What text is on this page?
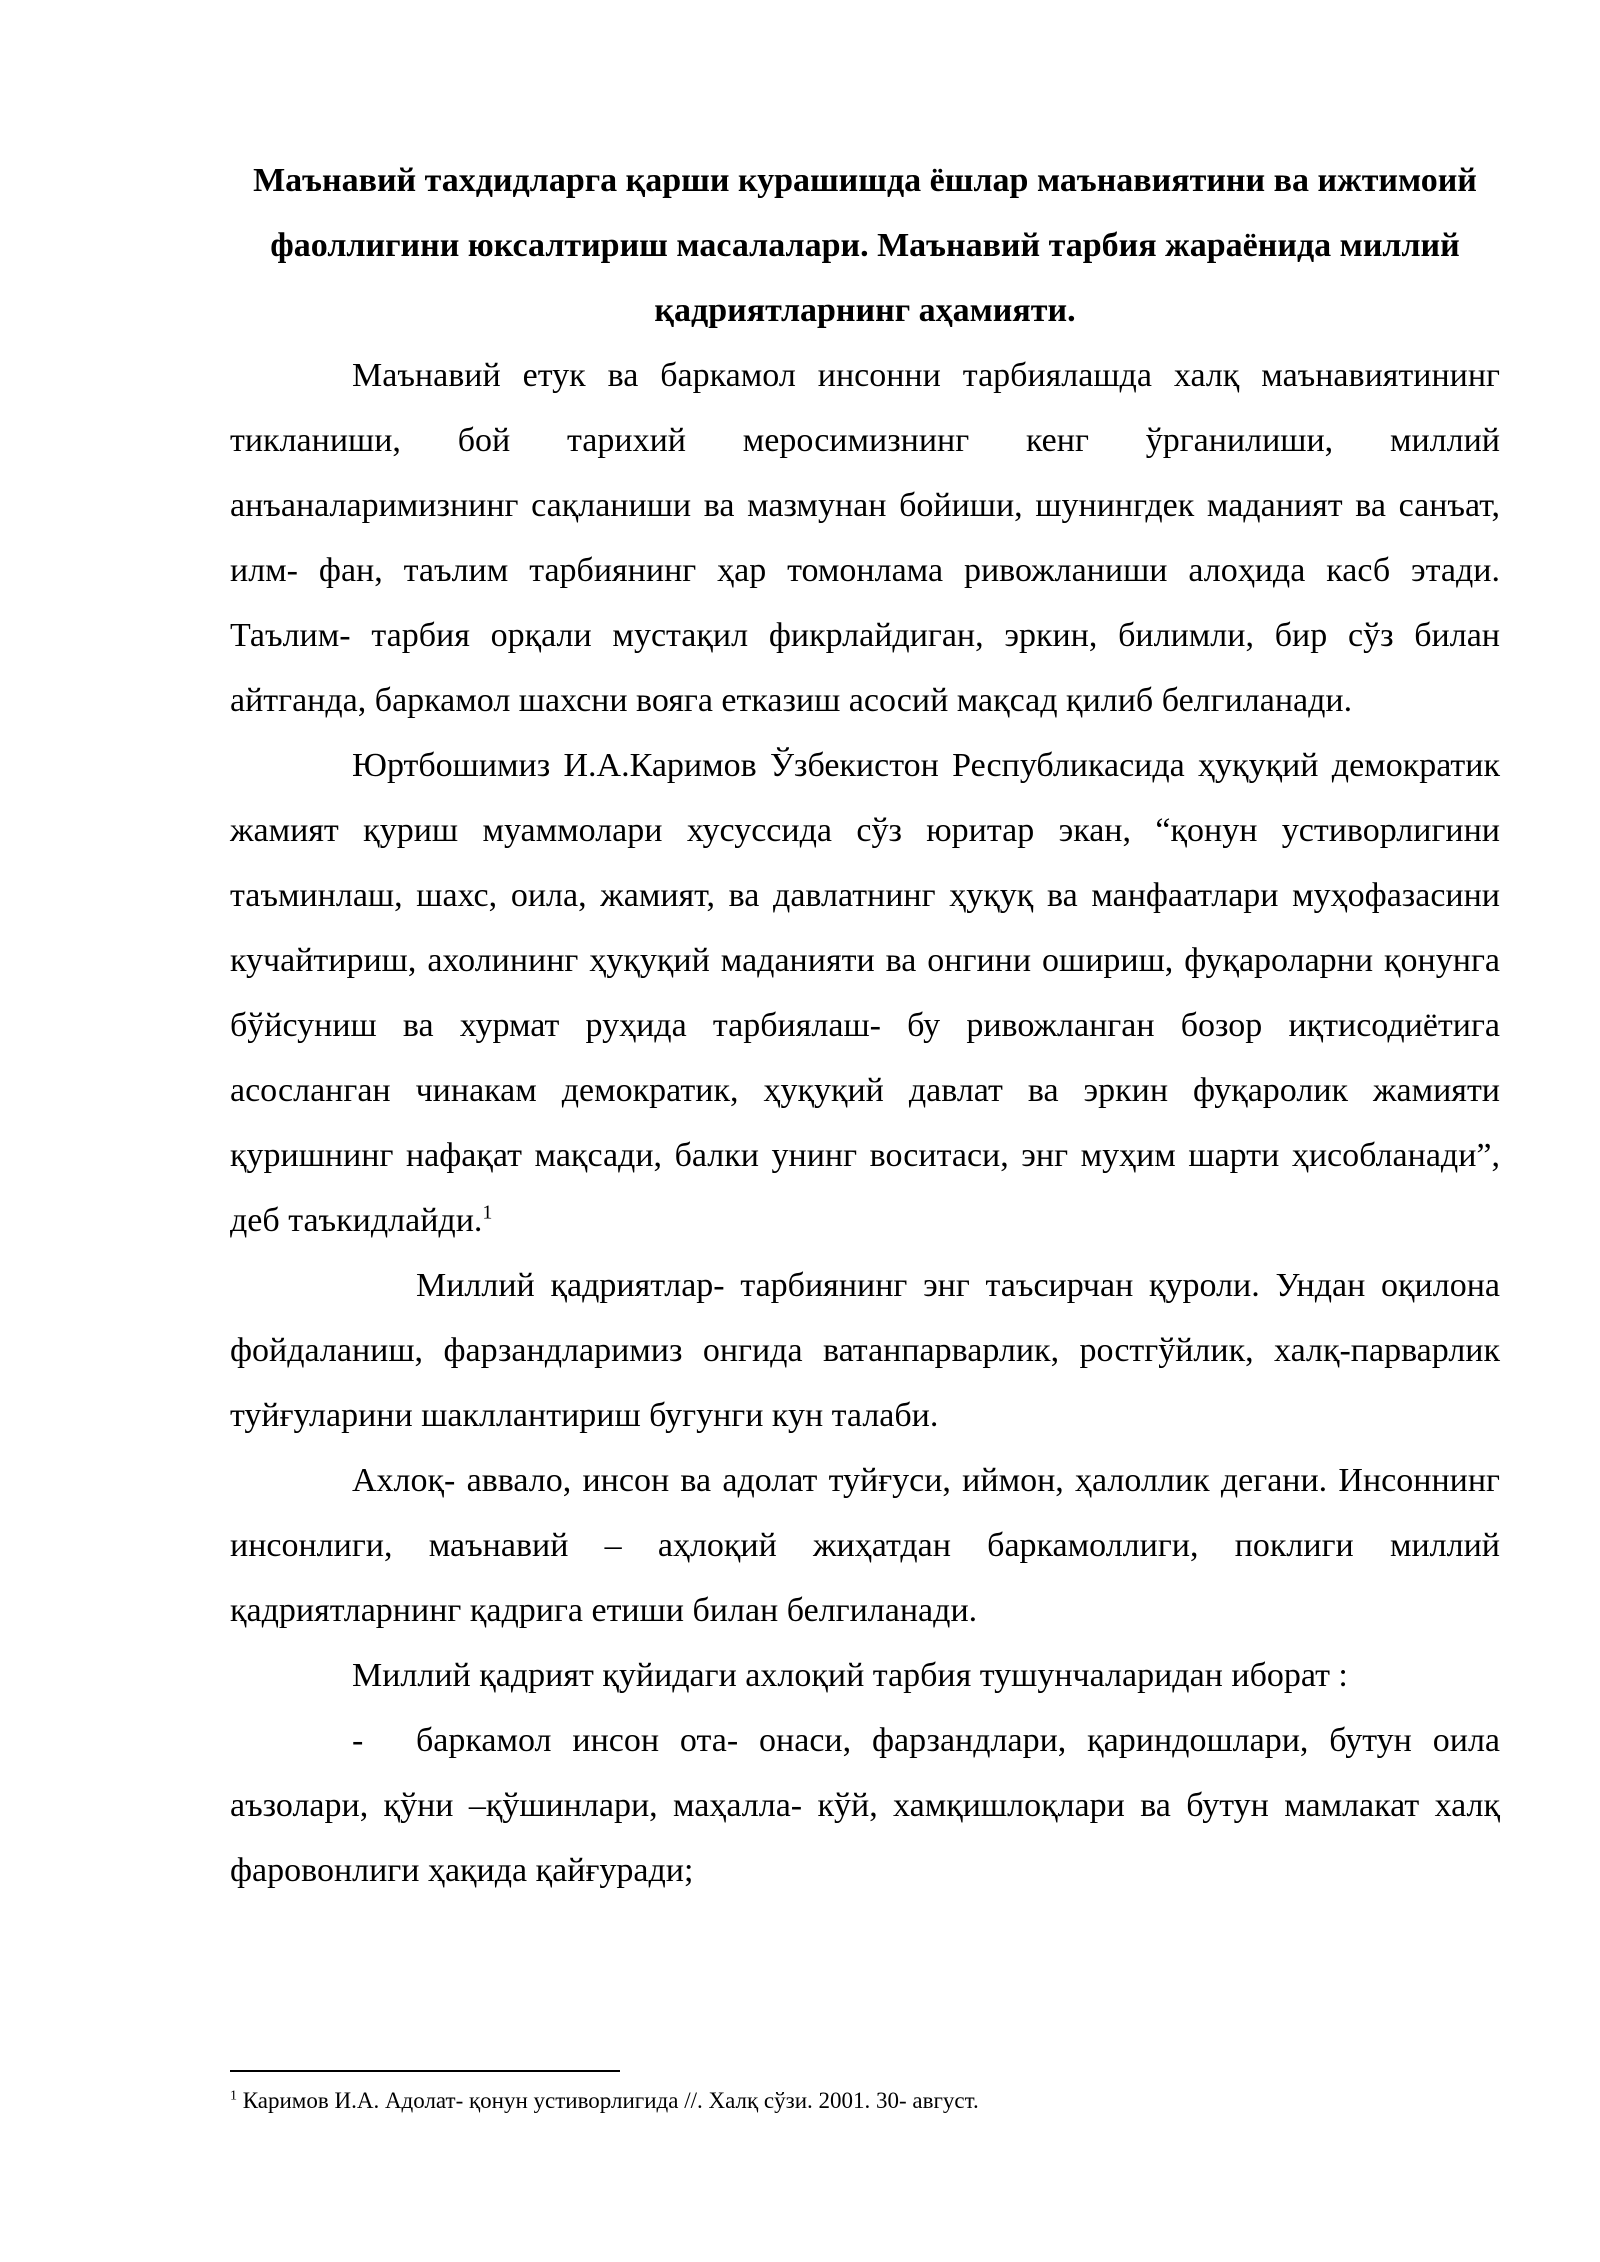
Маънавий тахдидларга қарши курашишда ёшлар маънавиятини ва ижтимоий фаоллигини юксалтириш масалалари. Маънавий тарбия жараёнида миллий қадриятларнинг аҳамияти.

Маънавий етук ва баркамол инсонни тарбиялашда халқ маънавиятининг тикланиши, бой тарихий меросимизнинг кенг ўрганилиши, миллий анъаналаримизнинг сақланиши ва мазмунан бойиши, шунингдек маданият ва санъат, илм- фан, таълим тарбиянинг ҳар томонлама ривожланиши алоҳида касб этади. Таълим- тарбия орқали мустақил фикрлайдиган, эркин, билимли, бир сўз билан айтганда, баркамол шахсни вояга етказиш асосий мақсад қилиб белгиланади.

Юртбошимиз И.А.Каримов Ўзбекистон Республикасида ҳуқуқий демократик жамият қуриш муаммолари хусуссида сўз юритар экан, “қонун устиворлигини таъминлаш, шахс, оила, жамият, ва давлатнинг ҳуқуқ ва манфаатлари муҳофазасини кучайтириш, ахолининг ҳуқуқий маданияти ва онгини ошириш, фуқароларни қонунга бўйсуниш ва хурмат руҳида тарбиялаш- бу ривожланган бозор иқтисодиётига асосланган чинакам демократик, ҳуқуқий давлат ва эркин фуқаролик жамияти қуришнинг нафақат мақсади, балки унинг воситаси, энг муҳим шарти ҳисобланади”, деб таъкидлайди.$^1$

Миллий қадриятлар- тарбиянинг энг таъсирчан қуроли. Ундан оқилона фойдаланиш, фарзандларимиз онгида ватанпарварлик, ростгўйлик, халқ-парварлик туйғуларини шакллантириш бугунги кун талаби.

Ахлоқ- аввало, инсон ва адолат туйғуси, иймон, ҳалоллик дегани. Инсоннинг инсонлиги, маънавий – аҳлоқий жиҳатдан баркамоллиги, поклиги миллий қадриятларнинг қадрига етиши билан белгиланади.

Миллий қадрият қуйидаги ахлоқий тарбия тушунчаларидан иборат :

- баркамол инсон ота- онаси, фарзандлари, қариндошлари, бутун оила аъзолари, қўни –қўшинлари, маҳалла- кўй, хамқишлоқлари ва бутун мамлакат халқ фаровонлиги ҳақида қайғуради;

$^1$ Каримов И.А. Адолат- қонун устиворлигида //. Халқ сўзи. 2001. 30- август.
